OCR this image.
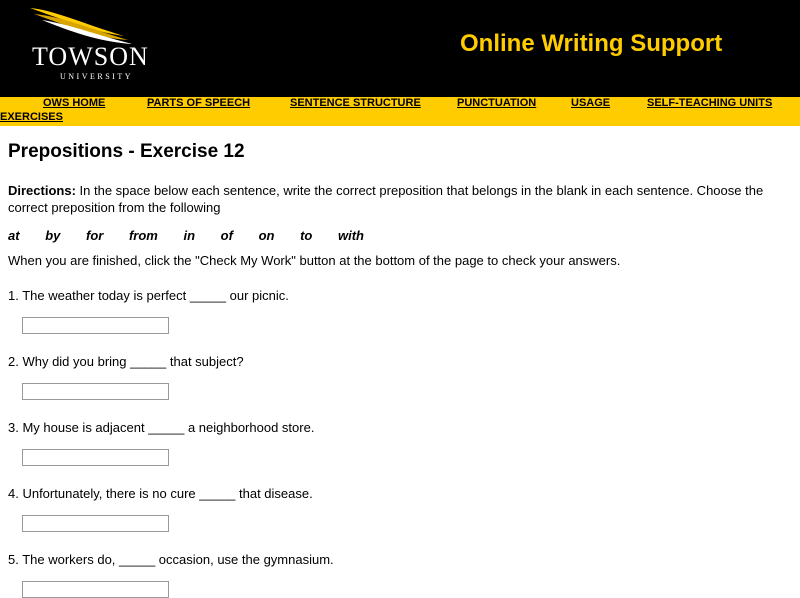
TOWSON
UNIVERSITY
Online Writing Support
OWS HOME	PARTS OF SPEECH	SENTENCE STRUCTURE	PUNCTUATION	USAGE	SELF-TEACHING UNITS
EXERCISES
Prepositions - Exercise 12

Directions: In the space below each sentence, write the correct preposition that belongs in the blank in each sentence. Choose the correct preposition from the following

at by for from in of on to with

When you are finished, click the "Check My Work" button at the bottom of the page to check your answers.

1. The weather today is perfect _____ our picnic.

2. Why did you bring _____ that subject?

3. My house is adjacent _____ a neighborhood store.

4. Unfortunately, there is no cure _____ that disease.

5. The workers do, _____ occasion, use the gymnasium.
